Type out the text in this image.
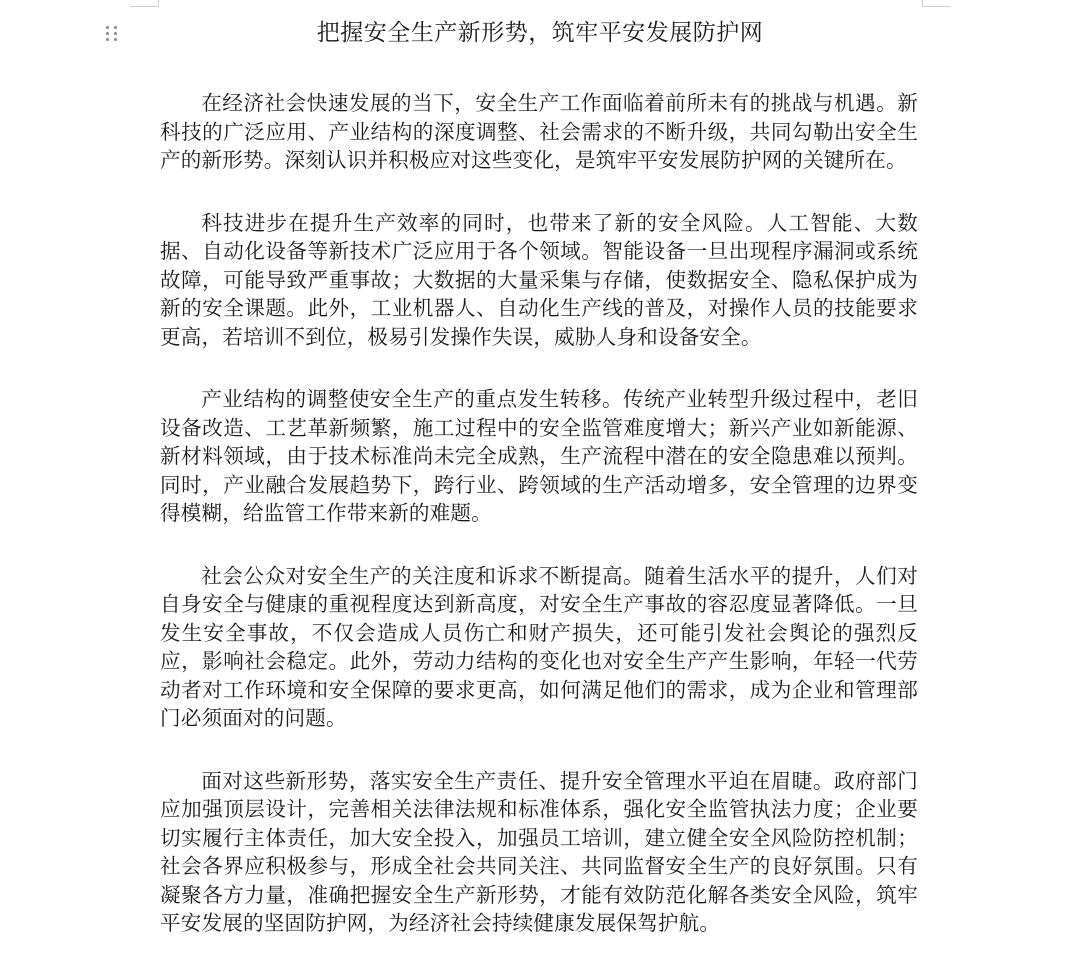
把握安全生产新形势，筑牢平安发展防护网

在经济社会快速发展的当下，安全生产工作面临着前所未有的挑战与机遇。新科技的广泛应用、产业结构的深度调整、社会需求的不断升级，共同勾勒出安全生产的新形势。深刻认识并积极应对这些变化，是筑牢平安发展防护网的关键所在。

科技进步在提升生产效率的同时，也带来了新的安全风险。人工智能、大数据、自动化设备等新技术广泛应用于各个领域。智能设备一旦出现程序漏洞或系统故障，可能导致严重事故；大数据的大量采集与存储，使数据安全、隐私保护成为新的安全课题。此外，工业机器人、自动化生产线的普及，对操作人员的技能要求更高，若培训不到位，极易引发操作失误，威胁人身和设备安全。

产业结构的调整使安全生产的重点发生转移。传统产业转型升级过程中，老旧设备改造、工艺革新频繁，施工过程中的安全监管难度增大；新兴产业如新能源、新材料领域，由于技术标准尚未完全成熟，生产流程中潜在的安全隐患难以预判。同时，产业融合发展趋势下，跨行业、跨领域的生产活动增多，安全管理的边界变得模糊，给监管工作带来新的难题。

社会公众对安全生产的关注度和诉求不断提高。随着生活水平的提升，人们对自身安全与健康的重视程度达到新高度，对安全生产事故的容忍度显著降低。一旦发生安全事故，不仅会造成人员伤亡和财产损失，还可能引发社会舆论的强烈反应，影响社会稳定。此外，劳动力结构的变化也对安全生产产生影响，年轻一代劳动者对工作环境和安全保障的要求更高，如何满足他们的需求，成为企业和管理部门必须面对的问题。

面对这些新形势，落实安全生产责任、提升安全管理水平迫在眉睫。政府部门应加强顶层设计，完善相关法律法规和标准体系，强化安全监管执法力度；企业要切实履行主体责任，加大安全投入，加强员工培训，建立健全安全风险防控机制；社会各界应积极参与，形成全社会共同关注、共同监督安全生产的良好氛围。只有凝聚各方力量，准确把握安全生产新形势，才能有效防范化解各类安全风险，筑牢平安发展的坚固防护网，为经济社会持续健康发展保驾护航。
